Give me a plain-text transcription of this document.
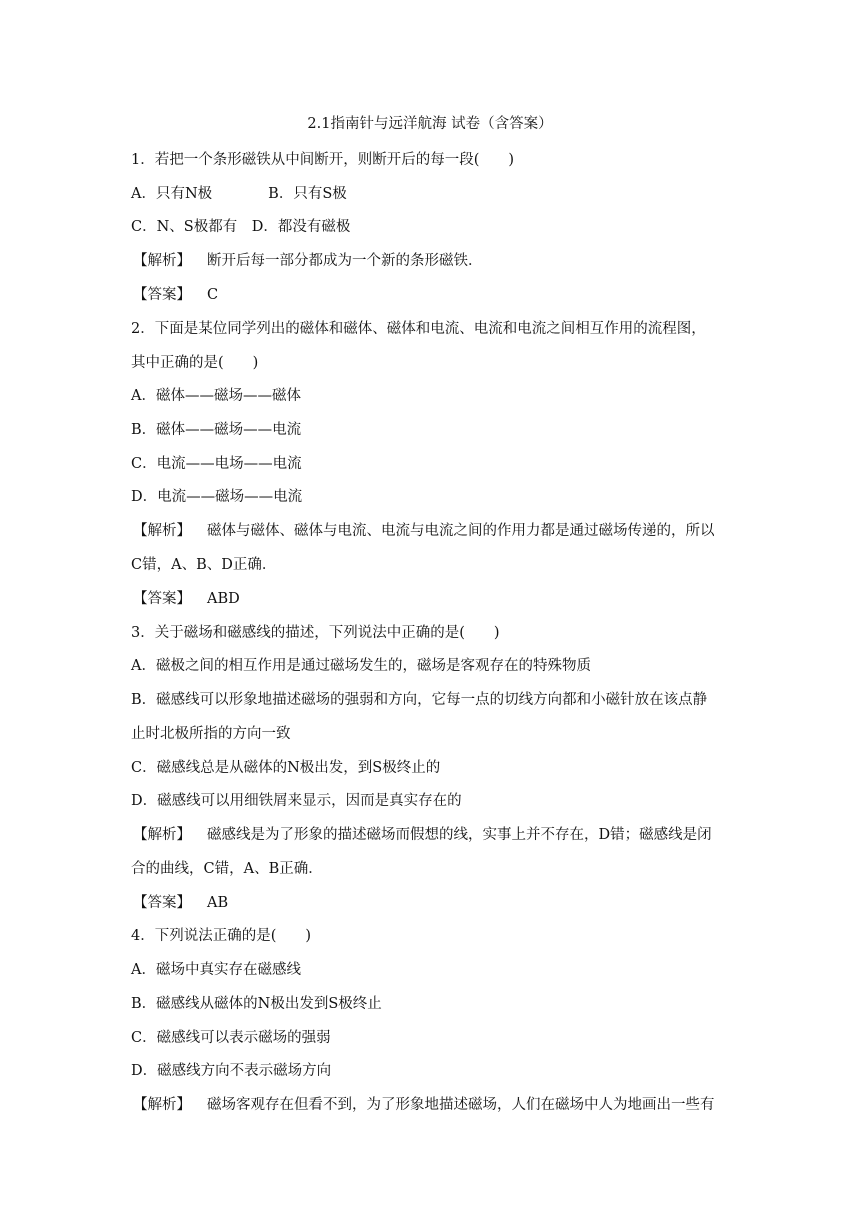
2.1指南针与远洋航海 试卷（含答案）
1．若把一个条形磁铁从中间断开，则断开后的每一段(　　)
A．只有N极	B．只有S极
C．N、S极都有　D．都没有磁极
【解析】 断开后每一部分都成为一个新的条形磁铁．
【答案】 C
2．下面是某位同学列出的磁体和磁体、磁体和电流、电流和电流之间相互作用的流程图，
其中正确的是(　　)
A．磁体——磁场——磁体
B．磁体——磁场——电流
C．电流——电场——电流
D．电流——磁场——电流
【解析】 磁体与磁体、磁体与电流、电流与电流之间的作用力都是通过磁场传递的，所以
C错，A、B、D正确．
【答案】 ABD
3．关于磁场和磁感线的描述，下列说法中正确的是(　　)
A．磁极之间的相互作用是通过磁场发生的，磁场是客观存在的特殊物质
B．磁感线可以形象地描述磁场的强弱和方向，它每一点的切线方向都和小磁针放在该点静
止时北极所指的方向一致
C．磁感线总是从磁体的N极出发，到S极终止的
D．磁感线可以用细铁屑来显示，因而是真实存在的
【解析】 磁感线是为了形象的描述磁场而假想的线，实事上并不存在，D错；磁感线是闭
合的曲线，C错，A、B正确．
【答案】 AB
4．下列说法正确的是(　　)
A．磁场中真实存在磁感线
B．磁感线从磁体的N极出发到S极终止
C．磁感线可以表示磁场的强弱
D．磁感线方向不表示磁场方向
【解析】 磁场客观存在但看不到，为了形象地描述磁场，人们在磁场中人为地画出一些有
